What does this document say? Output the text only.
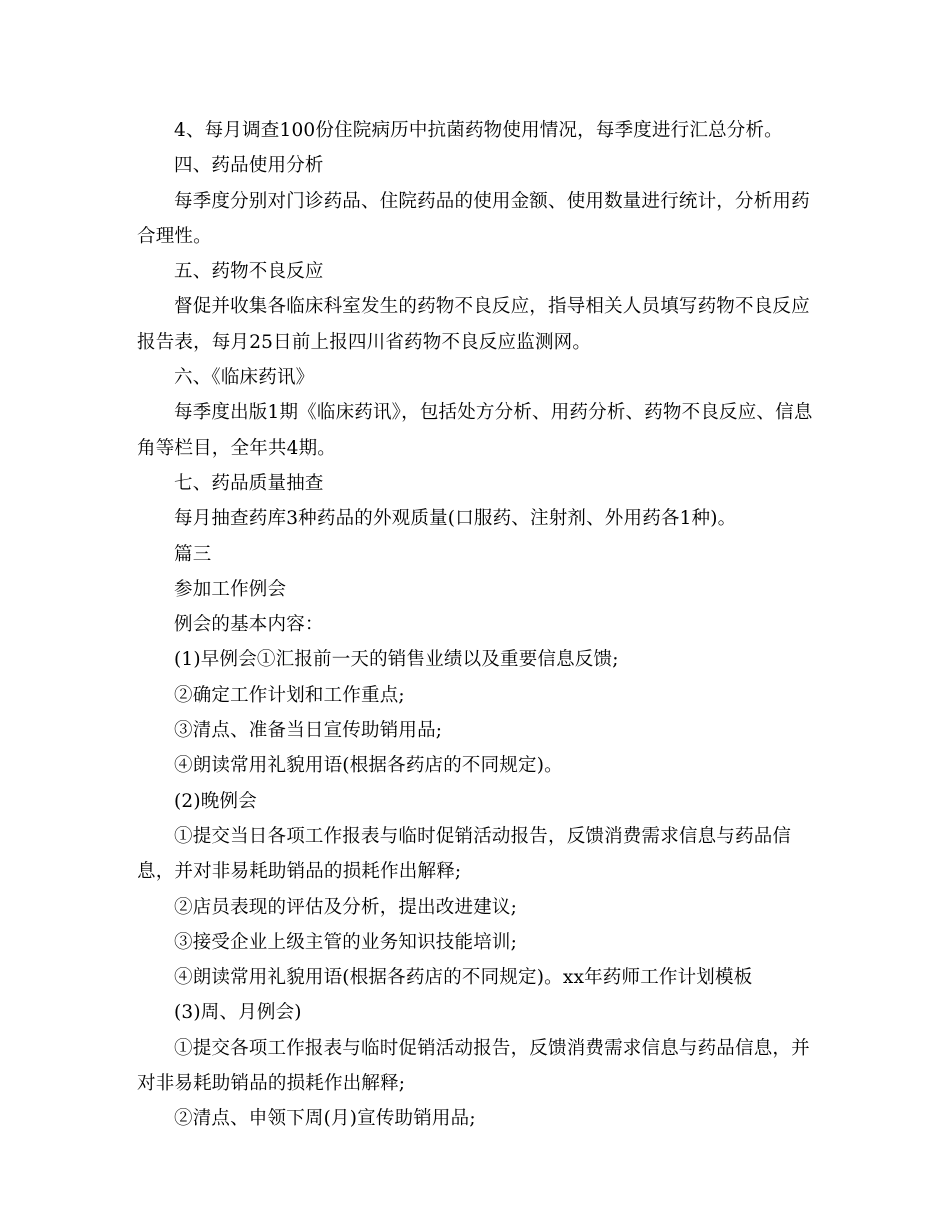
4、每月调查100份住院病历中抗菌药物使用情况，每季度进行汇总分析。

四、药品使用分析

每季度分别对门诊药品、住院药品的使用金额、使用数量进行统计，分析用药合理性。

五、药物不良反应

督促并收集各临床科室发生的药物不良反应，指导相关人员填写药物不良反应报告表，每月25日前上报四川省药物不良反应监测网。

六、《临床药讯》

每季度出版1期《临床药讯》，包括处方分析、用药分析、药物不良反应、信息角等栏目，全年共4期。

七、药品质量抽查

每月抽查药库3种药品的外观质量(口服药、注射剂、外用药各1种)。

篇三

参加工作例会

例会的基本内容：

(1)早例会①汇报前一天的销售业绩以及重要信息反馈;

②确定工作计划和工作重点;

③清点、准备当日宣传助销用品;

④朗读常用礼貌用语(根据各药店的不同规定)。

(2)晚例会

①提交当日各项工作报表与临时促销活动报告，反馈消费需求信息与药品信息，并对非易耗助销品的损耗作出解释;

②店员表现的评估及分析，提出改进建议;

③接受企业上级主管的业务知识技能培训;

④朗读常用礼貌用语(根据各药店的不同规定)。xx年药师工作计划模板

(3)周、月例会)

①提交各项工作报表与临时促销活动报告，反馈消费需求信息与药品信息，并对非易耗助销品的损耗作出解释;

②清点、申领下周(月)宣传助销用品;
